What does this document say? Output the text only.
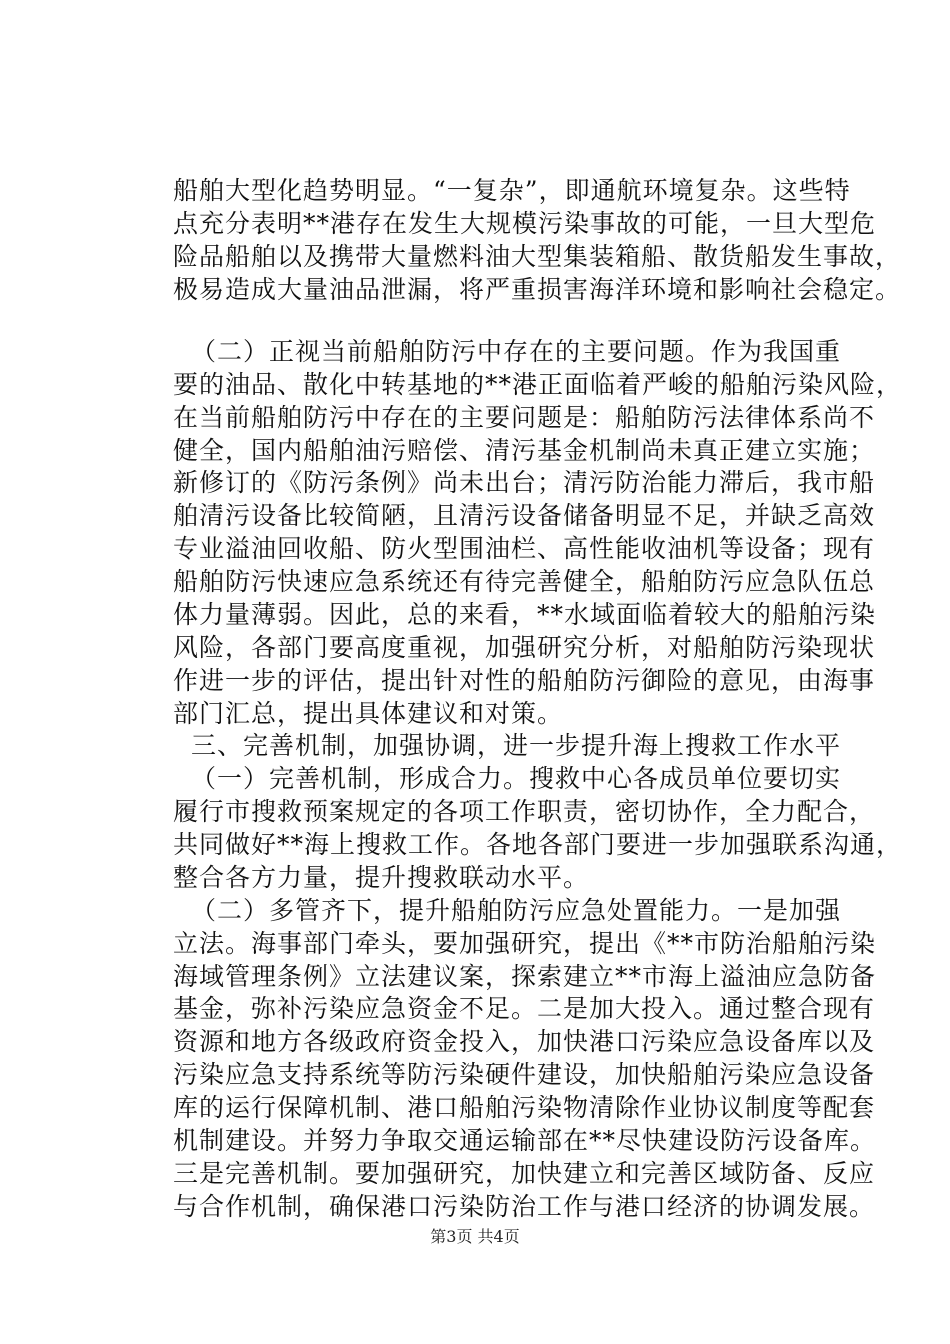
船舶大型化趋势明显。“一复杂”，即通航环境复杂。这些特
点充分表明**港存在发生大规模污染事故的可能，一旦大型危
险品船舶以及携带大量燃料油大型集装箱船、散货船发生事故，
极易造成大量油品泄漏，将严重损害海洋环境和影响社会稳定。
（二）正视当前船舶防污中存在的主要问题。作为我国重
要的油品、散化中转基地的**港正面临着严峻的船舶污染风险，
在当前船舶防污中存在的主要问题是：船舶防污法律体系尚不
健全，国内船舶油污赔偿、清污基金机制尚未真正建立实施；
新修订的《防污条例》尚未出台；清污防治能力滞后，我市船
舶清污设备比较简陋，且清污设备储备明显不足，并缺乏高效
专业溢油回收船、防火型围油栏、高性能收油机等设备；现有
船舶防污快速应急系统还有待完善健全，船舶防污应急队伍总
体力量薄弱。因此，总的来看，**水域面临着较大的船舶污染
风险，各部门要高度重视，加强研究分析，对船舶防污染现状
作进一步的评估，提出针对性的船舶防污御险的意见，由海事
部门汇总，提出具体建议和对策。
三、完善机制，加强协调，进一步提升海上搜救工作水平
（一）完善机制，形成合力。搜救中心各成员单位要切实
履行市搜救预案规定的各项工作职责，密切协作，全力配合，
共同做好**海上搜救工作。各地各部门要进一步加强联系沟通，
整合各方力量，提升搜救联动水平。
（二）多管齐下，提升船舶防污应急处置能力。一是加强
立法。海事部门牵头，要加强研究，提出《**市防治船舶污染
海域管理条例》立法建议案，探索建立**市海上溢油应急防备
基金，弥补污染应急资金不足。二是加大投入。通过整合现有
资源和地方各级政府资金投入，加快港口污染应急设备库以及
污染应急支持系统等防污染硬件建设，加快船舶污染应急设备
库的运行保障机制、港口船舶污染物清除作业协议制度等配套
机制建设。并努力争取交通运输部在**尽快建设防污设备库。
三是完善机制。要加强研究，加快建立和完善区域防备、反应
与合作机制，确保港口污染防治工作与港口经济的协调发展。
第3页 共4页
